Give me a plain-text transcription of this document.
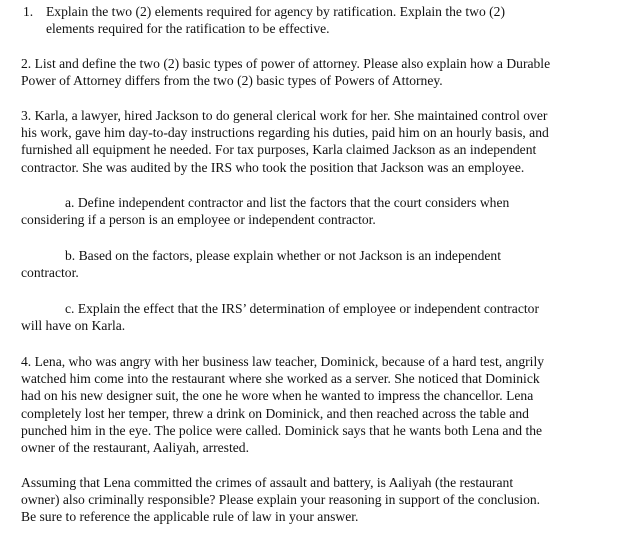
1. Explain the two (2) elements required for agency by ratification. Explain the two (2)
elements required for the ratification to be effective.
2. List and define the two (2) basic types of power of attorney. Please also explain how a Durable
Power of Attorney differs from the two (2) basic types of Powers of Attorney.
3. Karla, a lawyer, hired Jackson to do general clerical work for her. She maintained control over
his work, gave him day-to-day instructions regarding his duties, paid him on an hourly basis, and
furnished all equipment he needed. For tax purposes, Karla claimed Jackson as an independent
contractor. She was audited by the IRS who took the position that Jackson was an employee.
a. Define independent contractor and list the factors that the court considers when
considering if a person is an employee or independent contractor.
b. Based on the factors, please explain whether or not Jackson is an independent
contractor.
c. Explain the effect that the IRS’ determination of employee or independent contractor
will have on Karla.
4. Lena, who was angry with her business law teacher, Dominick, because of a hard test, angrily
watched him come into the restaurant where she worked as a server. She noticed that Dominick
had on his new designer suit, the one he wore when he wanted to impress the chancellor. Lena
completely lost her temper, threw a drink on Dominick, and then reached across the table and
punched him in the eye. The police were called. Dominick says that he wants both Lena and the
owner of the restaurant, Aaliyah, arrested.
Assuming that Lena committed the crimes of assault and battery, is Aaliyah (the restaurant
owner) also criminally responsible? Please explain your reasoning in support of the conclusion.
Be sure to reference the applicable rule of law in your answer.
